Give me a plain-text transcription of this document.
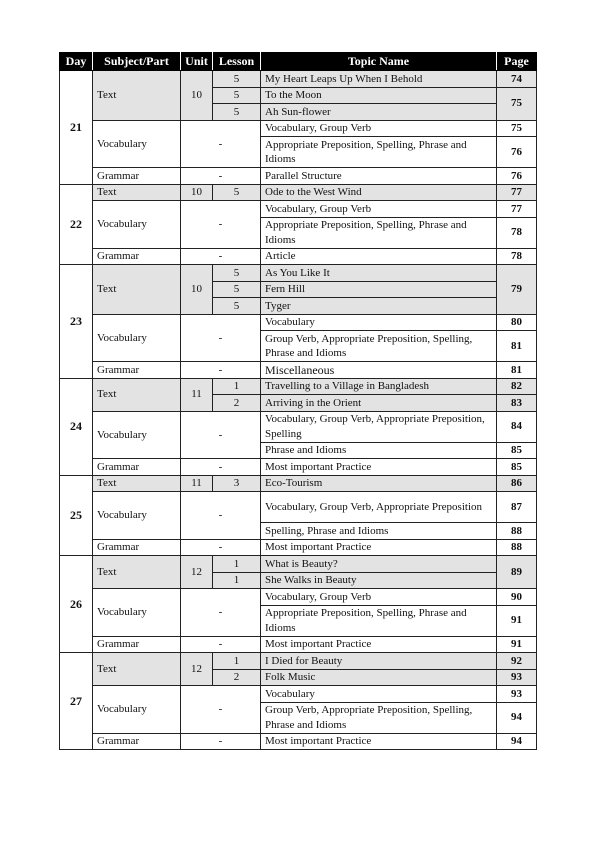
Day	Subject/Part	Unit	Lesson	Topic Name	Page
21	Text	10	5	My Heart Leaps Up When I Behold	74
			5	To the Moon	75
			5	Ah Sun-flower	
	Vocabulary	-		Vocabulary, Group Verb	75
				Appropriate Preposition, Spelling, Phrase and Idioms	76
	Grammar	-		Parallel Structure	76
22	Text	10	5	Ode to the West Wind	77
	Vocabulary	-		Vocabulary, Group Verb	77
				Appropriate Preposition, Spelling, Phrase and Idioms	78
	Grammar	-		Article	78
23	Text	10	5	As You Like It	79
			5	Fern Hill	
			5	Tyger	
	Vocabulary	-		Vocabulary	80
				Group Verb, Appropriate Preposition, Spelling, Phrase and Idioms	81
	Grammar	-		Miscellaneous	81
24	Text	11	1	Travelling to a Village in Bangladesh	82
			2	Arriving in the Orient	83
	Vocabulary	-		Vocabulary, Group Verb, Appropriate Preposition, Spelling	84
				Phrase and Idioms	85
	Grammar	-		Most important Practice	85
25	Text	11	3	Eco-Tourism	86
	Vocabulary	-		Vocabulary, Group Verb, Appropriate Preposition	87
				Spelling, Phrase and Idioms	88
	Grammar	-		Most important Practice	88
26	Text	12	1	What is Beauty?	89
			1	She Walks in Beauty	
	Vocabulary	-		Vocabulary, Group Verb	90
				Appropriate Preposition, Spelling, Phrase and Idioms	91
	Grammar	-		Most important Practice	91
27	Text	12	1	I Died for Beauty	92
			2	Folk Music	93
	Vocabulary	-		Vocabulary	93
				Group Verb, Appropriate Preposition, Spelling, Phrase and Idioms	94
	Grammar	-		Most important Practice	94
